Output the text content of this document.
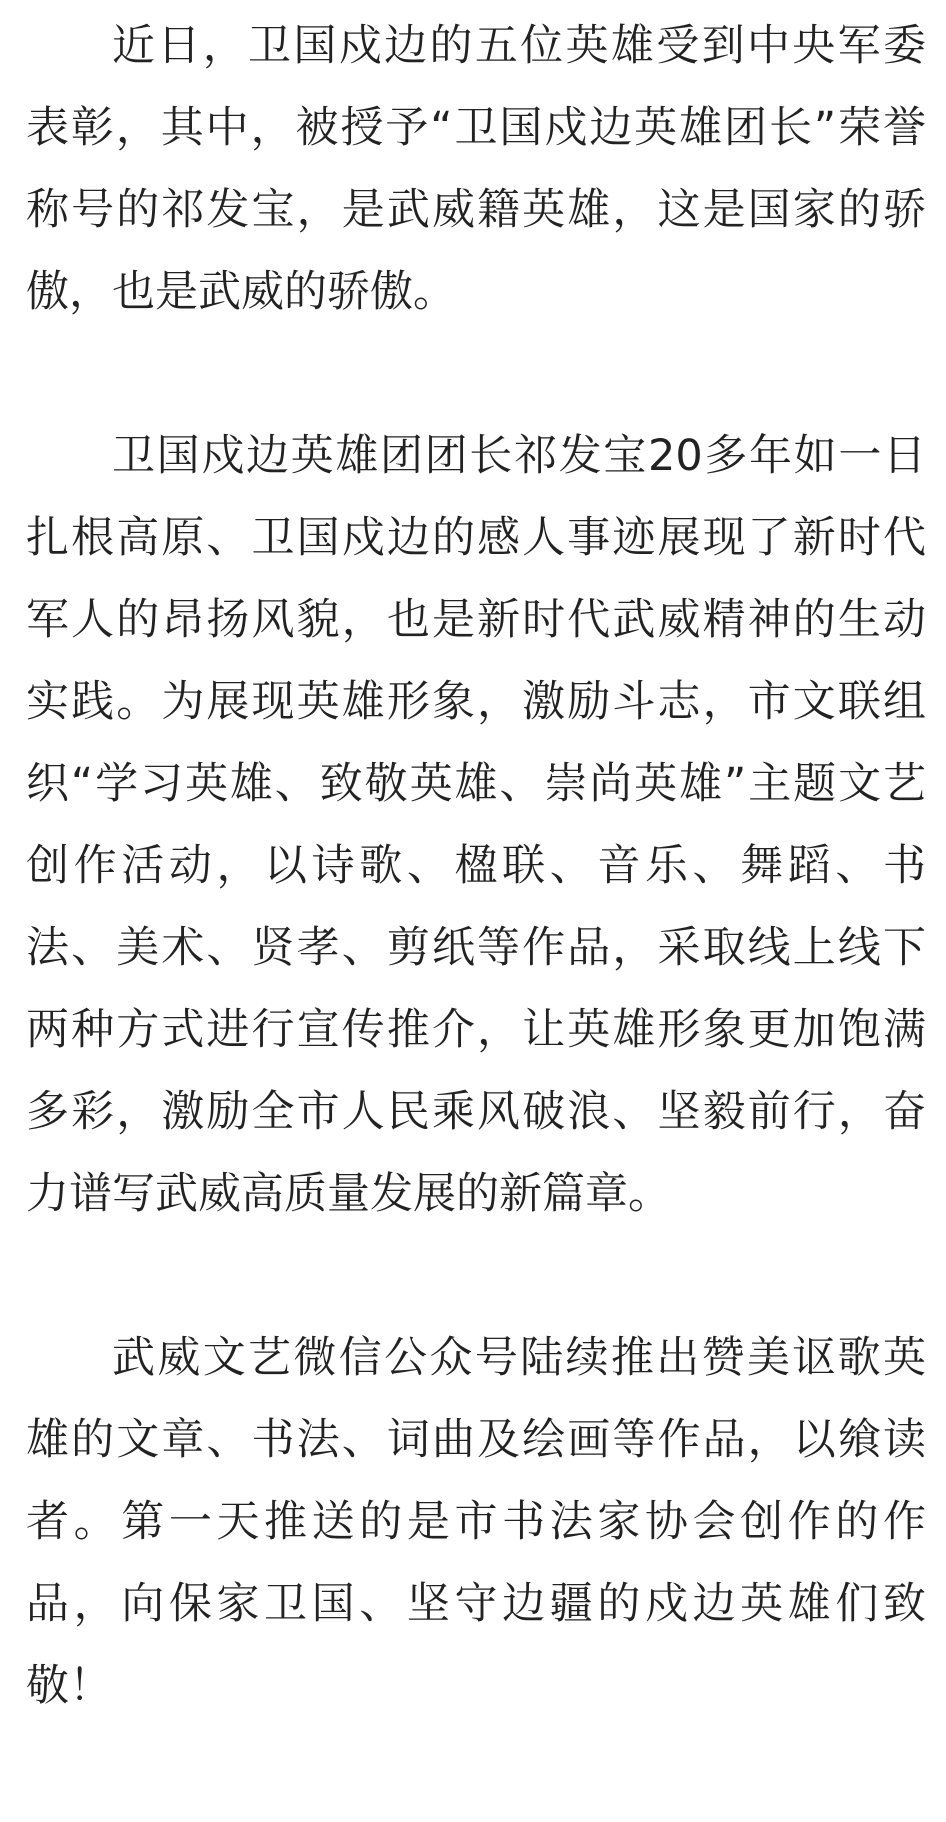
近日，卫国戍边的五位英雄受到中央军委表彰，其中，被授予“卫国戍边英雄团长”荣誉称号的祁发宝，是武威籍英雄，这是国家的骄傲，也是武威的骄傲。

卫国戍边英雄团团长祁发宝20多年如一日扎根高原、卫国戍边的感人事迹展现了新时代军人的昂扬风貌，也是新时代武威精神的生动实践。为展现英雄形象，激励斗志，市文联组织“学习英雄、致敬英雄、崇尚英雄”主题文艺创作活动，以诗歌、楹联、音乐、舞蹈、书法、美术、贤孝、剪纸等作品，采取线上线下两种方式进行宣传推介，让英雄形象更加饱满多彩，激励全市人民乘风破浪、坚毅前行，奋力谱写武威高质量发展的新篇章。

武威文艺微信公众号陆续推出赞美讴歌英雄的文章、书法、词曲及绘画等作品，以飨读者。第一天推送的是市书法家协会创作的作品，向保家卫国、坚守边疆的戍边英雄们致敬！
